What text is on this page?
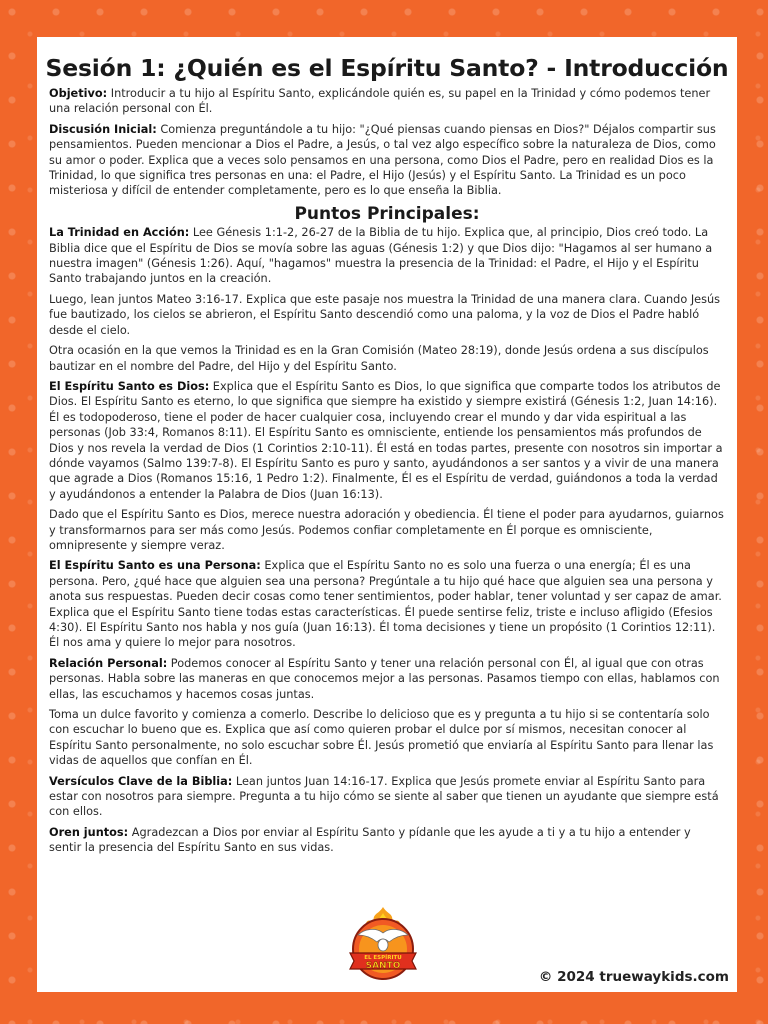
Sesión 1: ¿Quién es el Espíritu Santo? - Introducción

Objetivo: Introducir a tu hijo al Espíritu Santo, explicándole quién es, su papel en la Trinidad y cómo podemos tener una relación personal con Él.

Discusión Inicial: Comienza preguntándole a tu hijo: "¿Qué piensas cuando piensas en Dios?" Déjalos compartir sus pensamientos. Pueden mencionar a Dios el Padre, a Jesús, o tal vez algo específico sobre la naturaleza de Dios, como su amor o poder. Explica que a veces solo pensamos en una persona, como Dios el Padre, pero en realidad Dios es la Trinidad, lo que significa tres personas en una: el Padre, el Hijo (Jesús) y el Espíritu Santo. La Trinidad es un poco misteriosa y difícil de entender completamente, pero es lo que enseña la Biblia.

Puntos Principales:

La Trinidad en Acción: Lee Génesis 1:1-2, 26-27 de la Biblia de tu hijo. Explica que, al principio, Dios creó todo. La Biblia dice que el Espíritu de Dios se movía sobre las aguas (Génesis 1:2) y que Dios dijo: "Hagamos al ser humano a nuestra imagen" (Génesis 1:26). Aquí, "hagamos" muestra la presencia de la Trinidad: el Padre, el Hijo y el Espíritu Santo trabajando juntos en la creación.

Luego, lean juntos Mateo 3:16-17. Explica que este pasaje nos muestra la Trinidad de una manera clara. Cuando Jesús fue bautizado, los cielos se abrieron, el Espíritu Santo descendió como una paloma, y la voz de Dios el Padre habló desde el cielo.

Otra ocasión en la que vemos la Trinidad es en la Gran Comisión (Mateo 28:19), donde Jesús ordena a sus discípulos bautizar en el nombre del Padre, del Hijo y del Espíritu Santo.

El Espíritu Santo es Dios: Explica que el Espíritu Santo es Dios, lo que significa que comparte todos los atributos de Dios. El Espíritu Santo es eterno, lo que significa que siempre ha existido y siempre existirá (Génesis 1:2, Juan 14:16). Él es todopoderoso, tiene el poder de hacer cualquier cosa, incluyendo crear el mundo y dar vida espiritual a las personas (Job 33:4, Romanos 8:11). El Espíritu Santo es omnisciente, entiende los pensamientos más profundos de Dios y nos revela la verdad de Dios (1 Corintios 2:10-11). Él está en todas partes, presente con nosotros sin importar a dónde vayamos (Salmo 139:7-8). El Espíritu Santo es puro y santo, ayudándonos a ser santos y a vivir de una manera que agrade a Dios (Romanos 15:16, 1 Pedro 1:2). Finalmente, Él es el Espíritu de verdad, guiándonos a toda la verdad y ayudándonos a entender la Palabra de Dios (Juan 16:13).

Dado que el Espíritu Santo es Dios, merece nuestra adoración y obediencia. Él tiene el poder para ayudarnos, guiarnos y transformarnos para ser más como Jesús. Podemos confiar completamente en Él porque es omnisciente, omnipresente y siempre veraz.

El Espíritu Santo es una Persona: Explica que el Espíritu Santo no es solo una fuerza o una energía; Él es una persona. Pero, ¿qué hace que alguien sea una persona? Pregúntale a tu hijo qué hace que alguien sea una persona y anota sus respuestas. Pueden decir cosas como tener sentimientos, poder hablar, tener voluntad y ser capaz de amar. Explica que el Espíritu Santo tiene todas estas características. Él puede sentirse feliz, triste e incluso afligido (Efesios 4:30). El Espíritu Santo nos habla y nos guía (Juan 16:13). Él toma decisiones y tiene un propósito (1 Corintios 12:11). Él nos ama y quiere lo mejor para nosotros.

Relación Personal: Podemos conocer al Espíritu Santo y tener una relación personal con Él, al igual que con otras personas. Habla sobre las maneras en que conocemos mejor a las personas. Pasamos tiempo con ellas, hablamos con ellas, las escuchamos y hacemos cosas juntas.

Toma un dulce favorito y comienza a comerlo. Describe lo delicioso que es y pregunta a tu hijo si se contentaría solo con escuchar lo bueno que es. Explica que así como quieren probar el dulce por sí mismos, necesitan conocer al Espíritu Santo personalmente, no solo escuchar sobre Él. Jesús prometió que enviaría al Espíritu Santo para llenar las vidas de aquellos que confían en Él.

Versículos Clave de la Biblia: Lean juntos Juan 14:16-17. Explica que Jesús promete enviar al Espíritu Santo para estar con nosotros para siempre. Pregunta a tu hijo cómo se siente al saber que tienen un ayudante que siempre está con ellos.

Oren juntos: Agradezcan a Dios por enviar al Espíritu Santo y pídanle que les ayude a ti y a tu hijo a entender y sentir la presencia del Espíritu Santo en sus vidas.

EL ESPÍRITU
SANTO
© 2024 truewaykids.com
